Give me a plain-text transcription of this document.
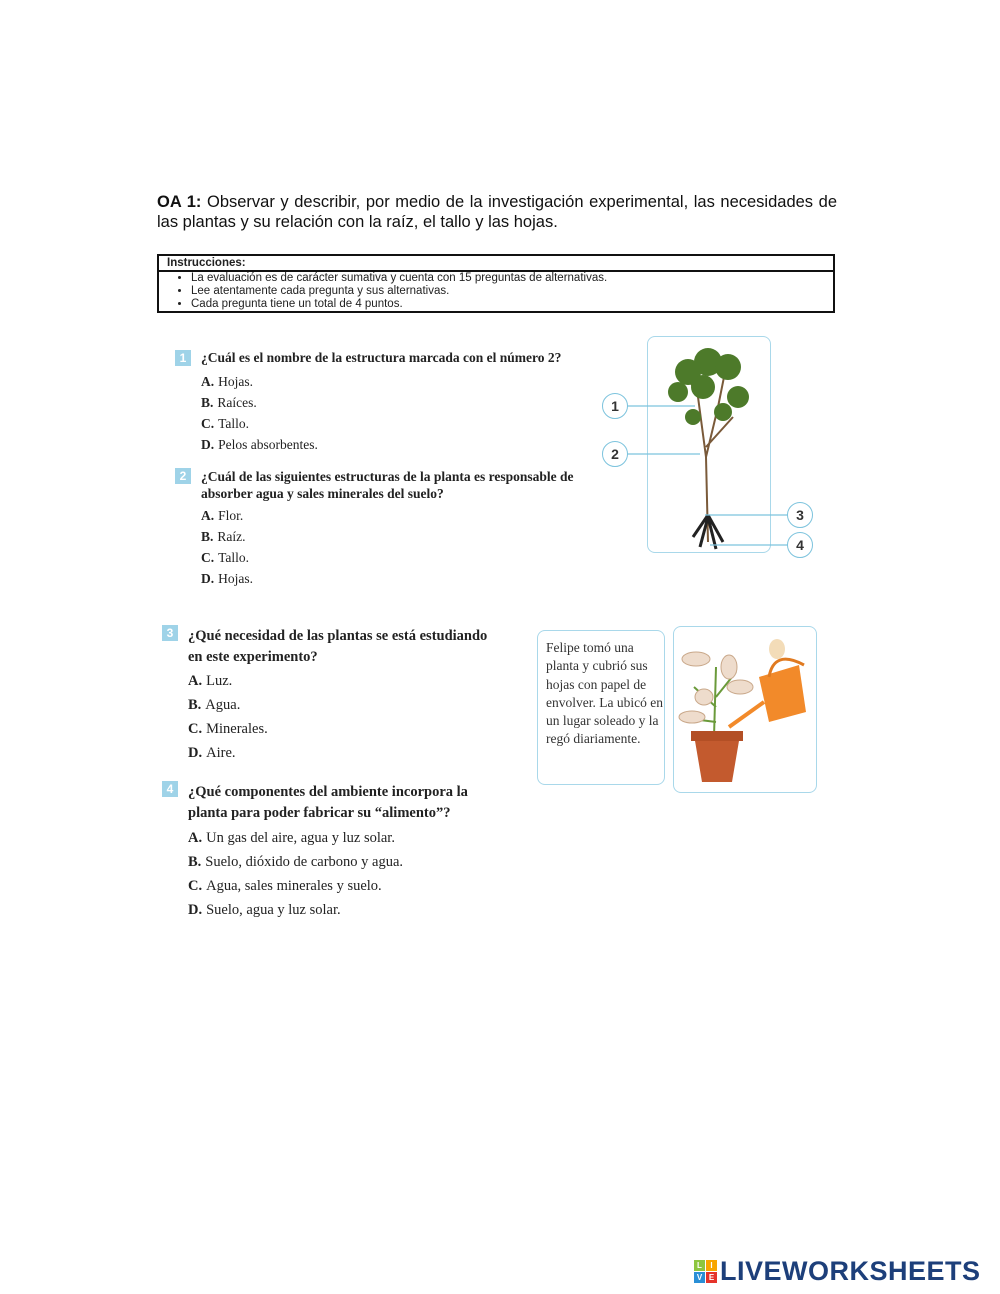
OA 1: Observar y describir, por medio de la investigación experimental, las necesidades de las plantas y su relación con la raíz, el tallo y las hojas.
Instrucciones:
• La evaluación es de carácter sumativa y cuenta con 15 preguntas de alternativas.
• Lee atentamente cada pregunta y sus alternativas.
• Cada pregunta tiene un total de 4 puntos.
1	¿Cuál es el nombre de la estructura marcada con el número 2?
A. Hojas.
B. Raíces.
C. Tallo.
D. Pelos absorbentes.
2	¿Cuál de las siguientes estructuras de la planta es responsable de absorber agua y sales minerales del suelo?
A. Flor.
B. Raíz.
C. Tallo.
D. Hojas.
1
2
3
4
3	¿Qué necesidad de las plantas se está estudiando en este experimento?
A. Luz.
B. Agua.
C. Minerales.
D. Aire.
Felipe tomó una planta y cubrió sus hojas con papel de envolver. La ubicó en un lugar soleado y la regó diariamente.
4	¿Qué componentes del ambiente incorpora la planta para poder fabricar su “alimento”?
A. Un gas del aire, agua y luz solar.
B. Suelo, dióxido de carbono y agua.
C. Agua, sales minerales y suelo.
D. Suelo, agua y luz solar.
L	I
V E LIVEWORKSHEETS
